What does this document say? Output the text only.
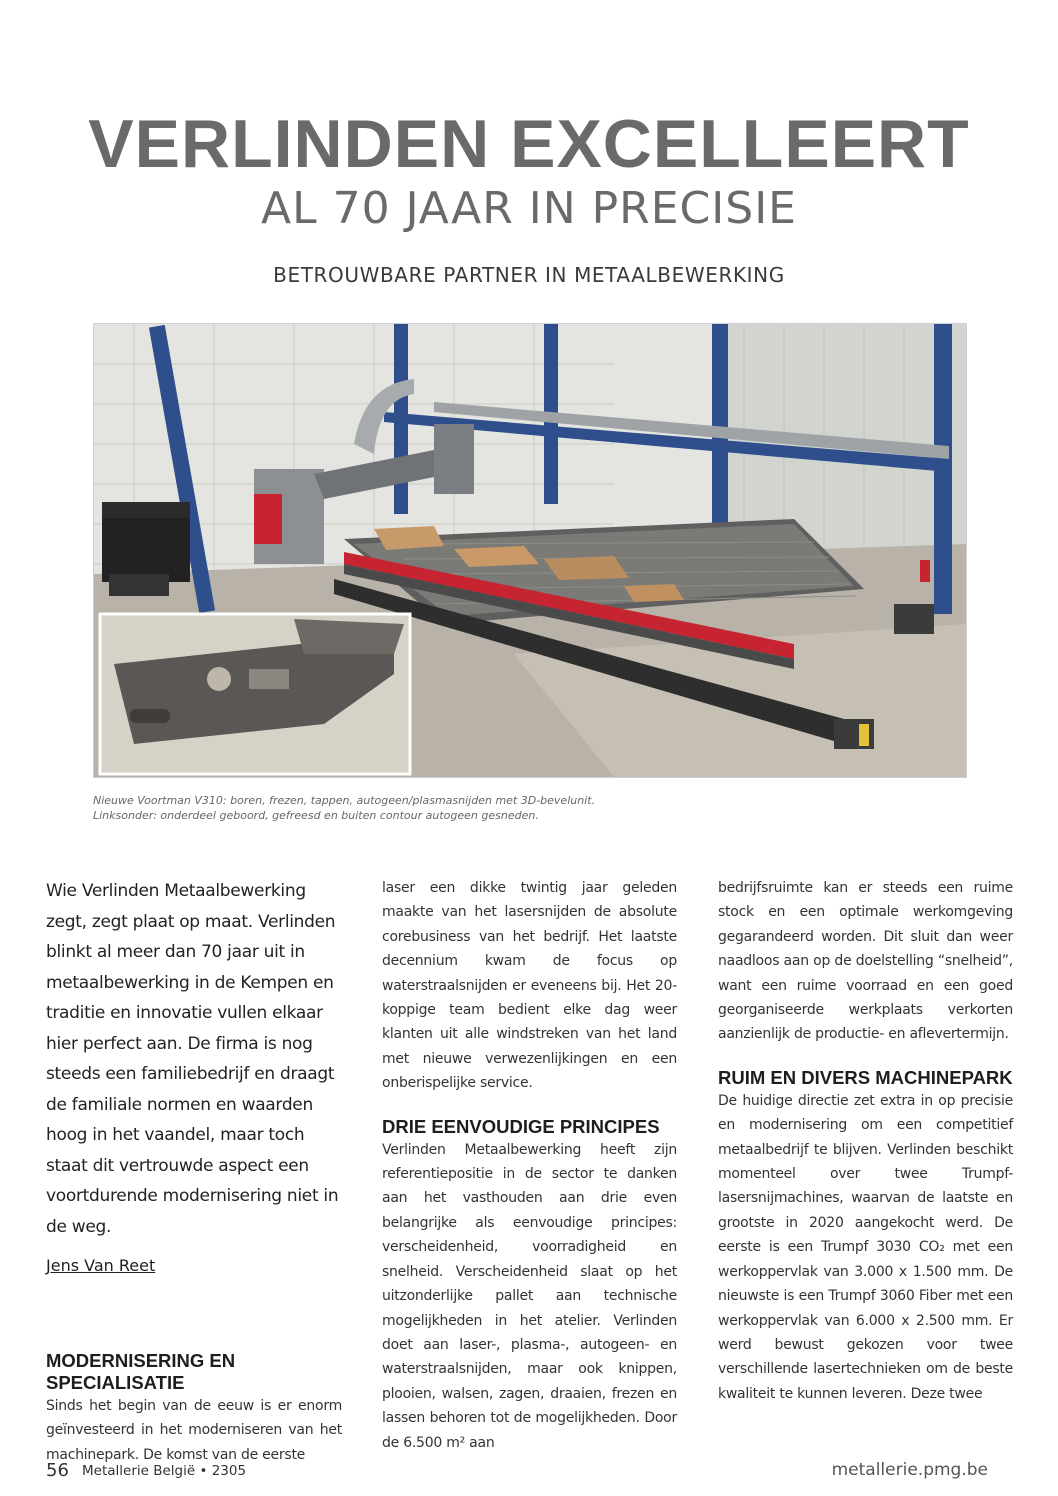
VERLINDEN EXCELLEERT
AL 70 JAAR IN PRECISIE
BETROUWBARE PARTNER IN METAALBEWERKING
Nieuwe Voortman V310: boren, frezen, tappen, autogeen/plasmasnijden met 3D-bevelunit.
Linksonder: onderdeel geboord, gefreesd en buiten contour autogeen gesneden.

Wie Verlinden Metaalbewerking zegt, zegt plaat op maat. Verlinden blinkt al meer dan 70 jaar uit in metaalbewerking in de Kempen en traditie en innovatie vullen elkaar hier perfect aan. De firma is nog steeds een familiebedrijf en draagt de familiale normen en waarden hoog in het vaandel, maar toch staat dit vertrouwde aspect een voortdurende modernisering niet in de weg.

Jens Van Reet
MODERNISERING EN SPECIALISATIE

Sinds het begin van de eeuw is er enorm geïnvesteerd in het moderniseren van het machinepark. De komst van de eerste

laser een dikke twintig jaar geleden maakte van het lasersnijden de absolute corebusiness van het bedrijf. Het laatste decennium kwam de focus op waterstraalsnijden er eveneens bij. Het 20-koppige team bedient elke dag weer klanten uit alle windstreken van het land met nieuwe verwezenlijkingen en een onberispelijke service.

DRIE EENVOUDIGE PRINCIPES

Verlinden Metaalbewerking heeft zijn referentiepositie in de sector te danken aan het vasthouden aan drie even belangrijke als eenvoudige principes: verscheidenheid, voorradigheid en snelheid. Verscheidenheid slaat op het uitzonderlijke pallet aan technische mogelijkheden in het atelier. Verlinden doet aan laser-, plasma-, autogeen- en waterstraalsnijden, maar ook knippen, plooien, walsen, zagen, draaien, frezen en lassen behoren tot de mogelijkheden. Door de 6.500 m² aan

bedrijfsruimte kan er steeds een ruime stock en een optimale werkomgeving gegarandeerd worden. Dit sluit dan weer naadloos aan op de doelstelling “snelheid”, want een ruime voorraad en een goed georganiseerde werkplaats verkorten aanzienlijk de productie- en aflevertermijn.

RUIM EN DIVERS MACHINEPARK

De huidige directie zet extra in op precisie en modernisering om een competitief metaalbedrijf te blijven. Verlinden beschikt momenteel over twee Trumpf-lasersnijmachines, waarvan de laatste en grootste in 2020 aangekocht werd. De eerste is een Trumpf 3030 CO₂ met een werkoppervlak van 3.000 x 1.500 mm. De nieuwste is een Trumpf 3060 Fiber met een werkoppervlak van 6.000 x 2.500 mm. Er werd bewust gekozen voor twee verschillende lasertechnieken om de beste kwaliteit te kunnen leveren. Deze twee

56 Metallerie België • 2305	metallerie.pmg.be
